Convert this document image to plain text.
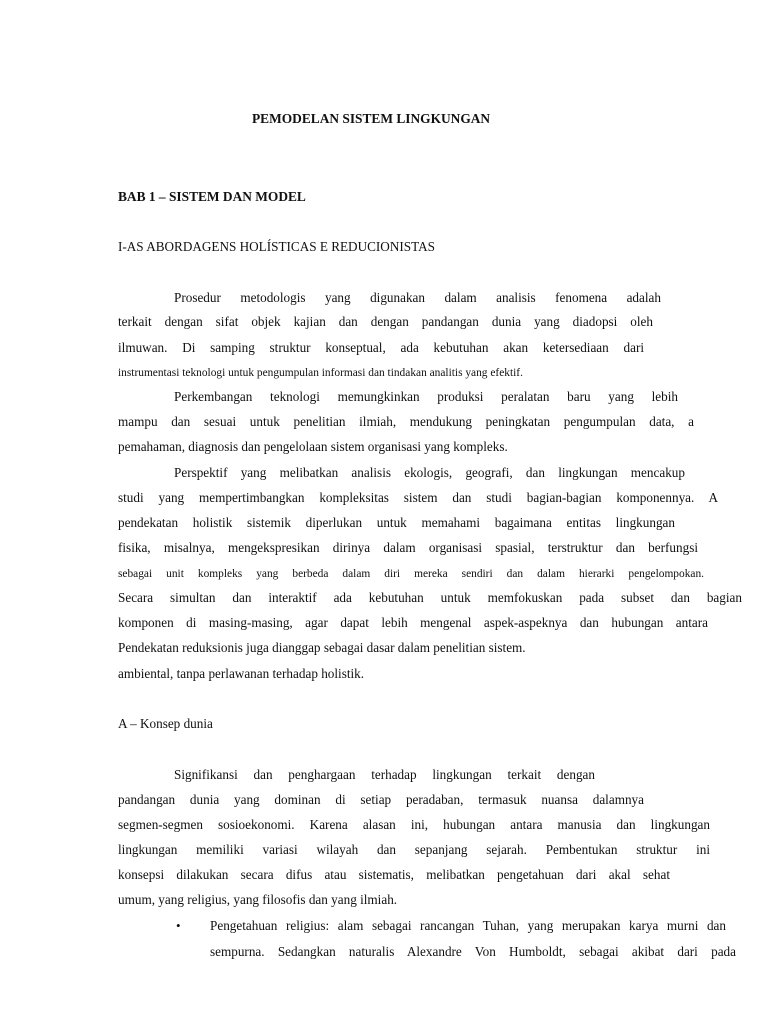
PEMODELAN SISTEM LINGKUNGAN
BAB 1 – SISTEM DAN MODEL
I-AS ABORDAGENS HOLÍSTICAS E REDUCIONISTAS
Prosedur metodologis yang digunakan dalam analisis fenomena adalah
terkait dengan sifat objek kajian dan dengan pandangan dunia yang diadopsi oleh
ilmuwan. Di samping struktur konseptual, ada kebutuhan akan ketersediaan dari
instrumentasi teknologi untuk pengumpulan informasi dan tindakan analitis yang efektif.
Perkembangan teknologi memungkinkan produksi peralatan baru yang lebih
mampu dan sesuai untuk penelitian ilmiah, mendukung peningkatan pengumpulan data, a
pemahaman, diagnosis dan pengelolaan sistem organisasi yang kompleks.
Perspektif yang melibatkan analisis ekologis, geografi, dan lingkungan mencakup
studi yang mempertimbangkan kompleksitas sistem dan studi bagian-bagian komponennya. A
pendekatan holistik sistemik diperlukan untuk memahami bagaimana entitas lingkungan
fisika, misalnya, mengekspresikan dirinya dalam organisasi spasial, terstruktur dan berfungsi
sebagai unit kompleks yang berbeda dalam diri mereka sendiri dan dalam hierarki pengelompokan.
Secara simultan dan interaktif ada kebutuhan untuk memfokuskan pada subset dan bagian
komponen di masing-masing, agar dapat lebih mengenal aspek-aspeknya dan hubungan antara
Pendekatan reduksionis juga dianggap sebagai dasar dalam penelitian sistem.
ambiental, tanpa perlawanan terhadap holistik.
A – Konsep dunia
Signifikansi dan penghargaan terhadap lingkungan terkait dengan
pandangan dunia yang dominan di setiap peradaban, termasuk nuansa dalamnya
segmen-segmen sosioekonomi. Karena alasan ini, hubungan antara manusia dan lingkungan
lingkungan memiliki variasi wilayah dan sepanjang sejarah. Pembentukan struktur ini
konsepsi dilakukan secara difus atau sistematis, melibatkan pengetahuan dari akal sehat
umum, yang religius, yang filosofis dan yang ilmiah.
• Pengetahuan religius: alam sebagai rancangan Tuhan, yang merupakan karya murni dan
sempurna. Sedangkan naturalis Alexandre Von Humboldt, sebagai akibat dari pada
